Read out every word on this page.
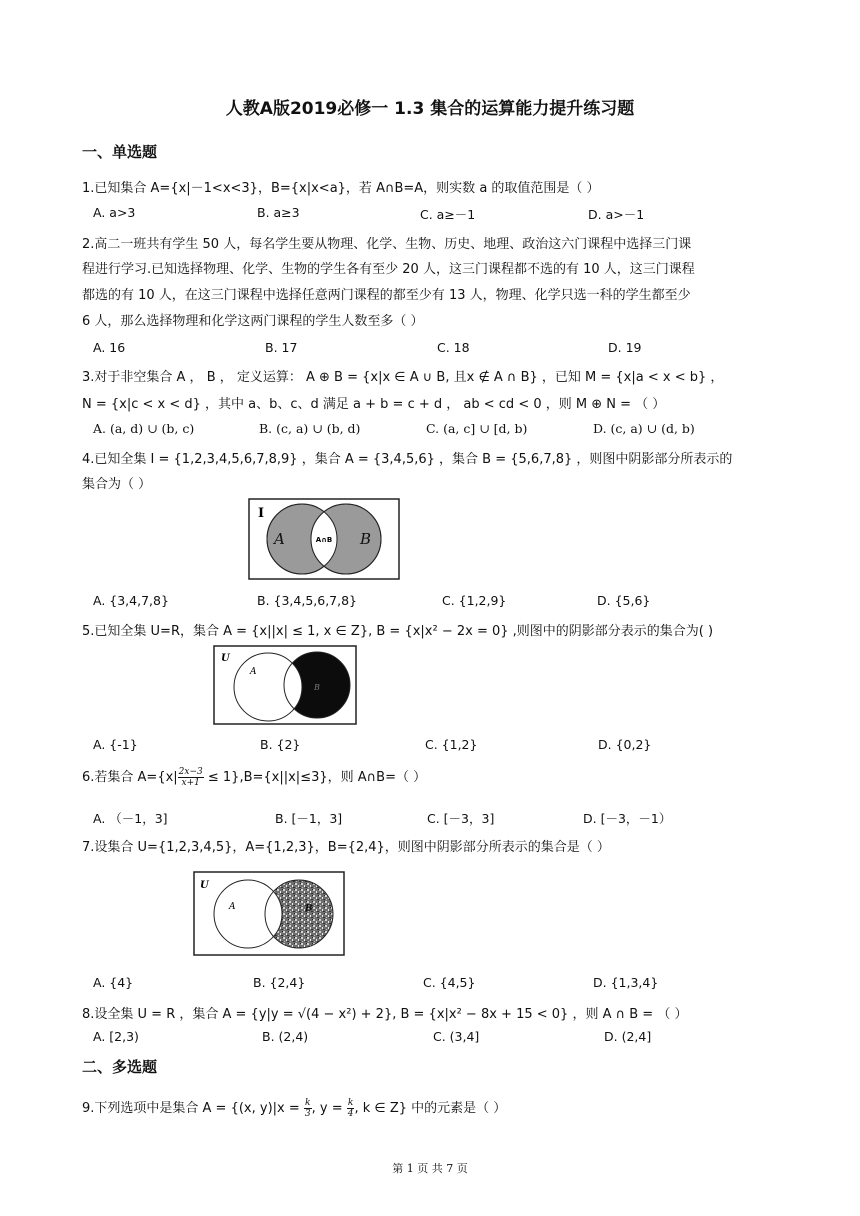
人教A版2019必修一 1.3 集合的运算能力提升练习题
一、单选题
1.已知集合 A={x|－1<x<3}，B={x|x<a}，若 A∩B=A，则实数 a 的取值范围是（ ）
A. a>3	B. a≥3	C. a≥－1	D. a>－1
2.高二一班共有学生 50 人，每名学生要从物理、化学、生物、历史、地理、政治这六门课程中选择三门课
程进行学习.已知选择物理、化学、生物的学生各有至少 20 人，这三门课程都不选的有 10 人，这三门课程
都选的有 10 人，在这三门课程中选择任意两门课程的都至少有 13 人，物理、化学只选一科的学生都至少
6 人，那么选择物理和化学这两门课程的学生人数至多（ ）
A. 16	B. 17	C. 18	D. 19
3.对于非空集合 A ， B ， 定义运算： A ⊕ B = {x|x ∈ A ∪ B, 且x ∉ A ∩ B} ，已知 M = {x|a < x < b} ，
N = {x|c < x < d} ，其中 a、b、c、d 满足 a + b = c + d ， ab < cd < 0 ，则 M ⊕ N = （ ）
A. (a, d) ∪ (b, c)	B. (c, a) ∪ (b, d)	C. (a, c] ∪ [d, b)	D. (c, a) ∪ (d, b)
4.已知全集 I = {1,2,3,4,5,6,7,8,9} ，集合 A = {3,4,5,6} ，集合 B = {5,6,7,8} ，则图中阴影部分所表示的
集合为（ ）
I
A	B
A∩B
A. {3,4,7,8}	B. {3,4,5,6,7,8}	C. {1,2,9}	D. {5,6}
5.已知全集 U=R，集合 A = {x||x| ≤ 1, x ∈ Z}, B = {x|x² − 2x = 0} ,则图中的阴影部分表示的集合为( )
U
A
B
A. {-1}	B. {2}	C. {1,2}	D. {0,2}
6.若集合 $A=\{x| \frac{2x-3}{x+1} \le 1\},B=\{x||x|\le 3\}$，则 A∩B=（ ）
A. （－1，3]	B. [－1，3]	C. [－3，3]	D. [－3，－1）
7.设集合 U={1,2,3,4,5}，A={1,2,3}，B={2,4}，则图中阴影部分所表示的集合是（ ）
U
A	B
A. {4}	B. {2,4}	C. {4,5}	D. {1,3,4}
8.设全集 U = R ，集合 A = {y|y = √(4 − x²) + 2}, B = {x|x² − 8x + 15 < 0} ，则 A ∩ B = （ ）
A. [2,3)	B. (2,4)	C. (3,4]	D. (2,4]
二、多选题
9.下列选项中是集合 A = {(x, $y)|x = \frac{k}{3}$ , $y = \frac{k}{4}$ , k ∈ Z} 中的元素是（ ）
第 1 页 共 7 页
